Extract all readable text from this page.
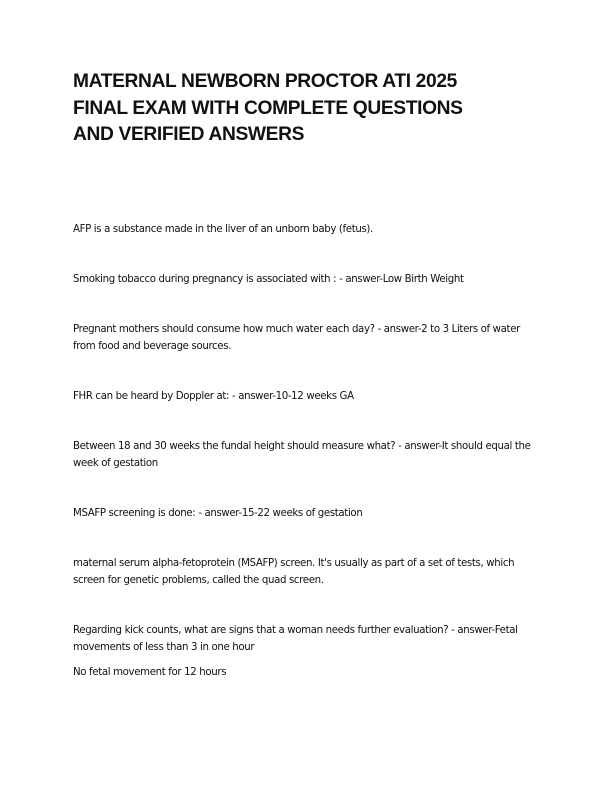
MATERNAL NEWBORN PROCTOR ATI 2025
FINAL EXAM WITH COMPLETE QUESTIONS
AND VERIFIED ANSWERS

AFP is a substance made in the liver of an unborn baby (fetus).

Smoking tobacco during pregnancy is associated with : - answer-Low Birth Weight

Pregnant mothers should consume how much water each day? - answer-2 to 3 Liters of water
from food and beverage sources.

FHR can be heard by Doppler at: - answer-10-12 weeks GA

Between 18 and 30 weeks the fundal height should measure what? - answer-It should equal the
week of gestation

MSAFP screening is done: - answer-15-22 weeks of gestation

maternal serum alpha-fetoprotein (MSAFP) screen. It's usually as part of a set of tests, which
screen for genetic problems, called the quad screen.

Regarding kick counts, what are signs that a woman needs further evaluation? - answer-Fetal
movements of less than 3 in one hour

No fetal movement for 12 hours
